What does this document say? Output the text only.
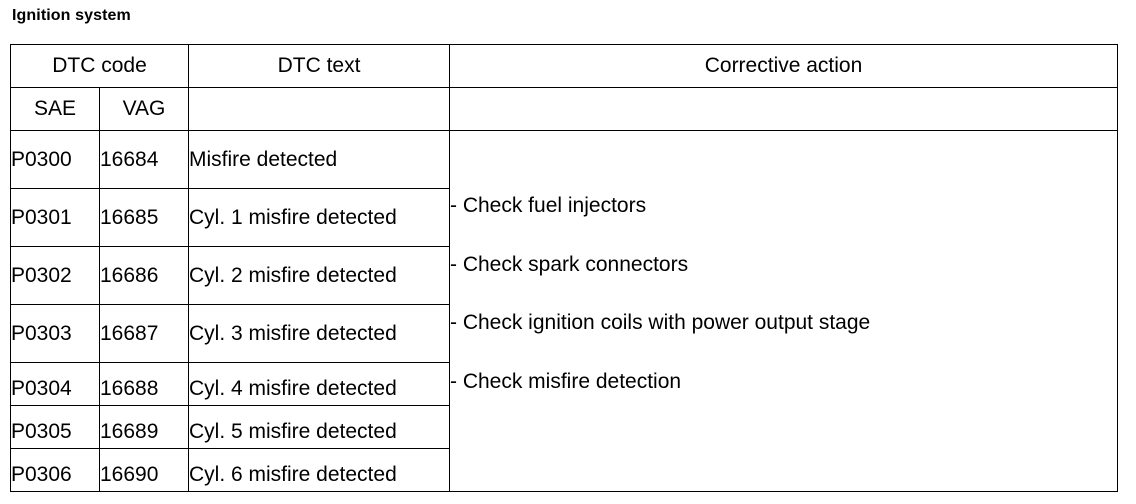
Ignition system
DTC code		DTC text	Corrective action
SAE	VAG		
P0300	16684	Misfire detected	- Check fuel injectors
- Check spark connectors
- Check ignition coils with power output stage
- Check misfire detection

P0301	16685	Cyl. 1 misfire detected	
P0302	16686	Cyl. 2 misfire detected	
P0303	16687	Cyl. 3 misfire detected	
P0304	16688	Cyl. 4 misfire detected	
P0305	16689	Cyl. 5 misfire detected	
P0306	16690	Cyl. 6 misfire detected	
